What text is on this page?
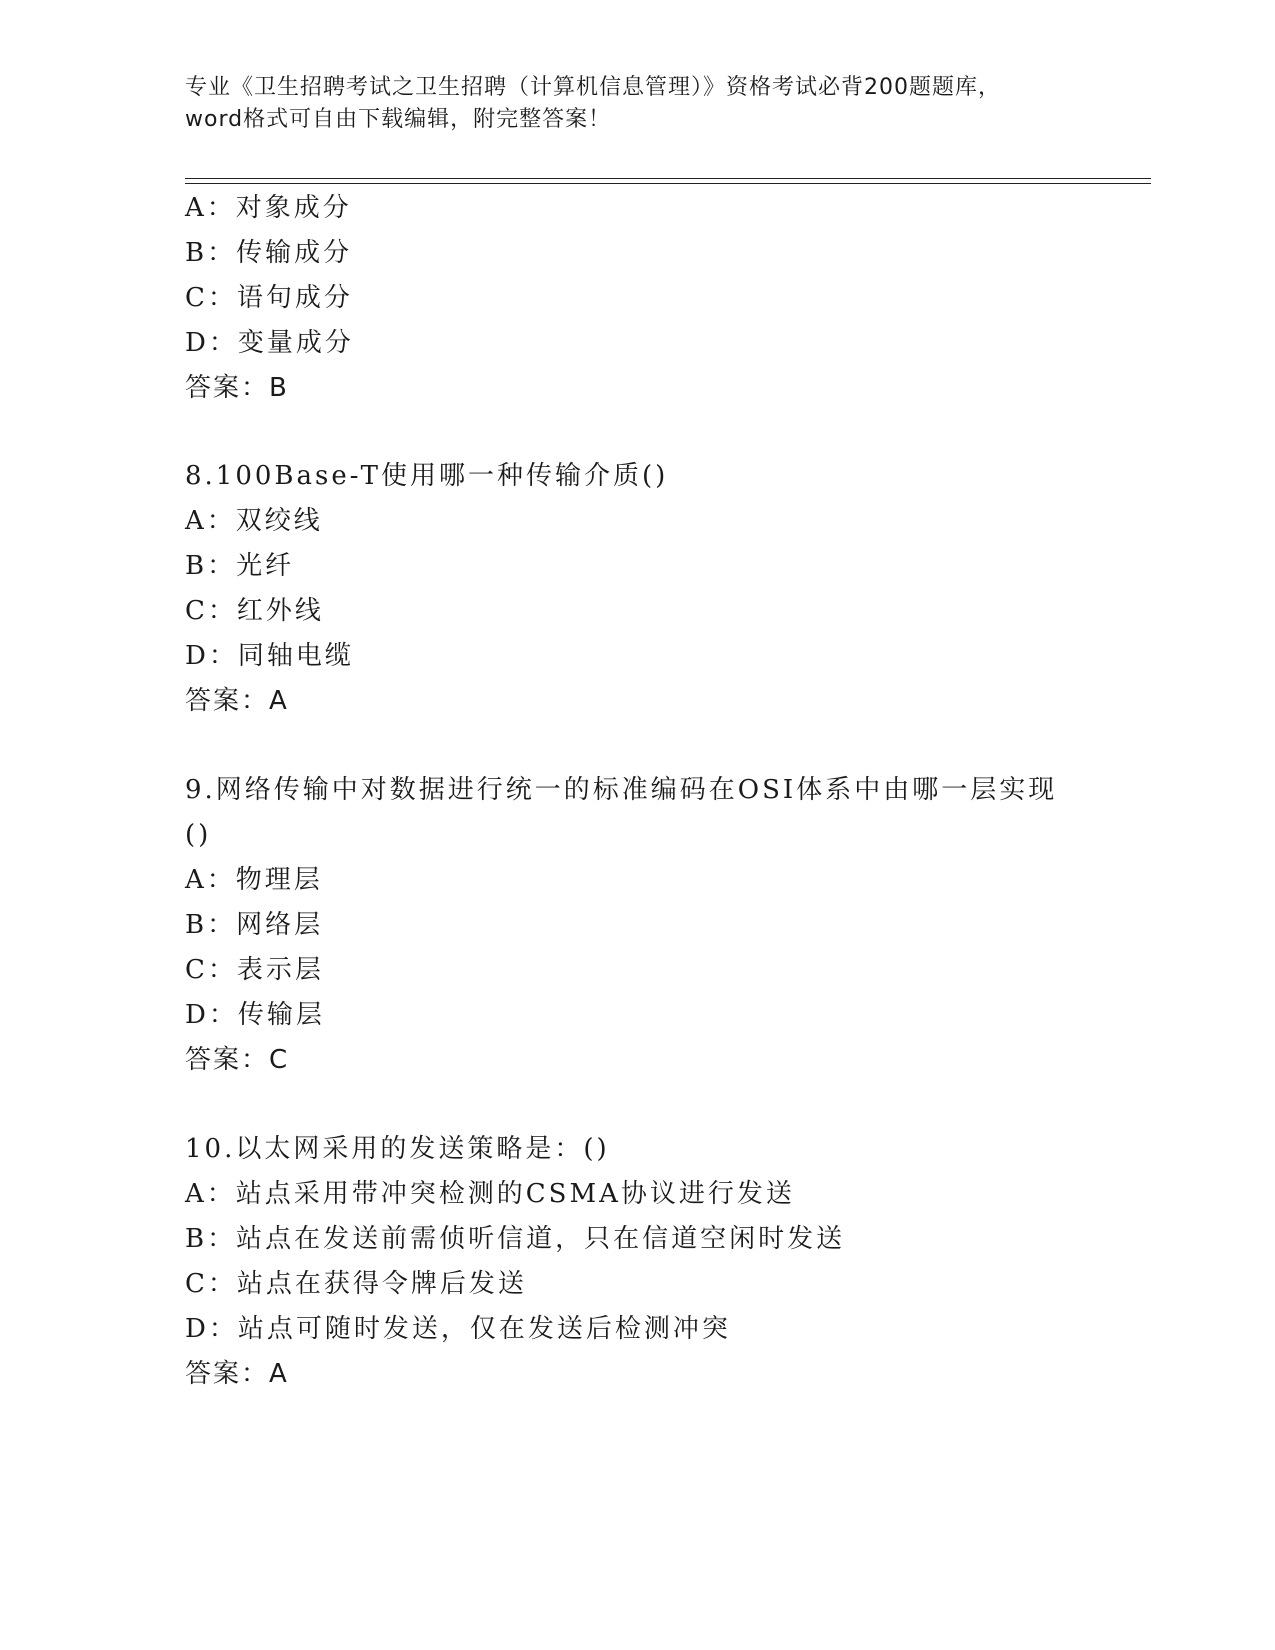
专业《卫生招聘考试之卫生招聘（计算机信息管理）》资格考试必背200题题库，
word格式可自由下载编辑，附完整答案！
A：对象成分
B：传输成分
C：语句成分
D：变量成分
答案：B
8.100Base-T使用哪一种传输介质()
A：双绞线
B：光纤
C：红外线
D：同轴电缆
答案：A
9.网络传输中对数据进行统一的标准编码在OSI体系中由哪一层实现
()
A：物理层
B：网络层
C：表示层
D：传输层
答案：C
10.以太网采用的发送策略是：()
A：站点采用带冲突检测的CSMA协议进行发送
B：站点在发送前需侦听信道，只在信道空闲时发送
C：站点在获得令牌后发送
D：站点可随时发送，仅在发送后检测冲突
答案：A
